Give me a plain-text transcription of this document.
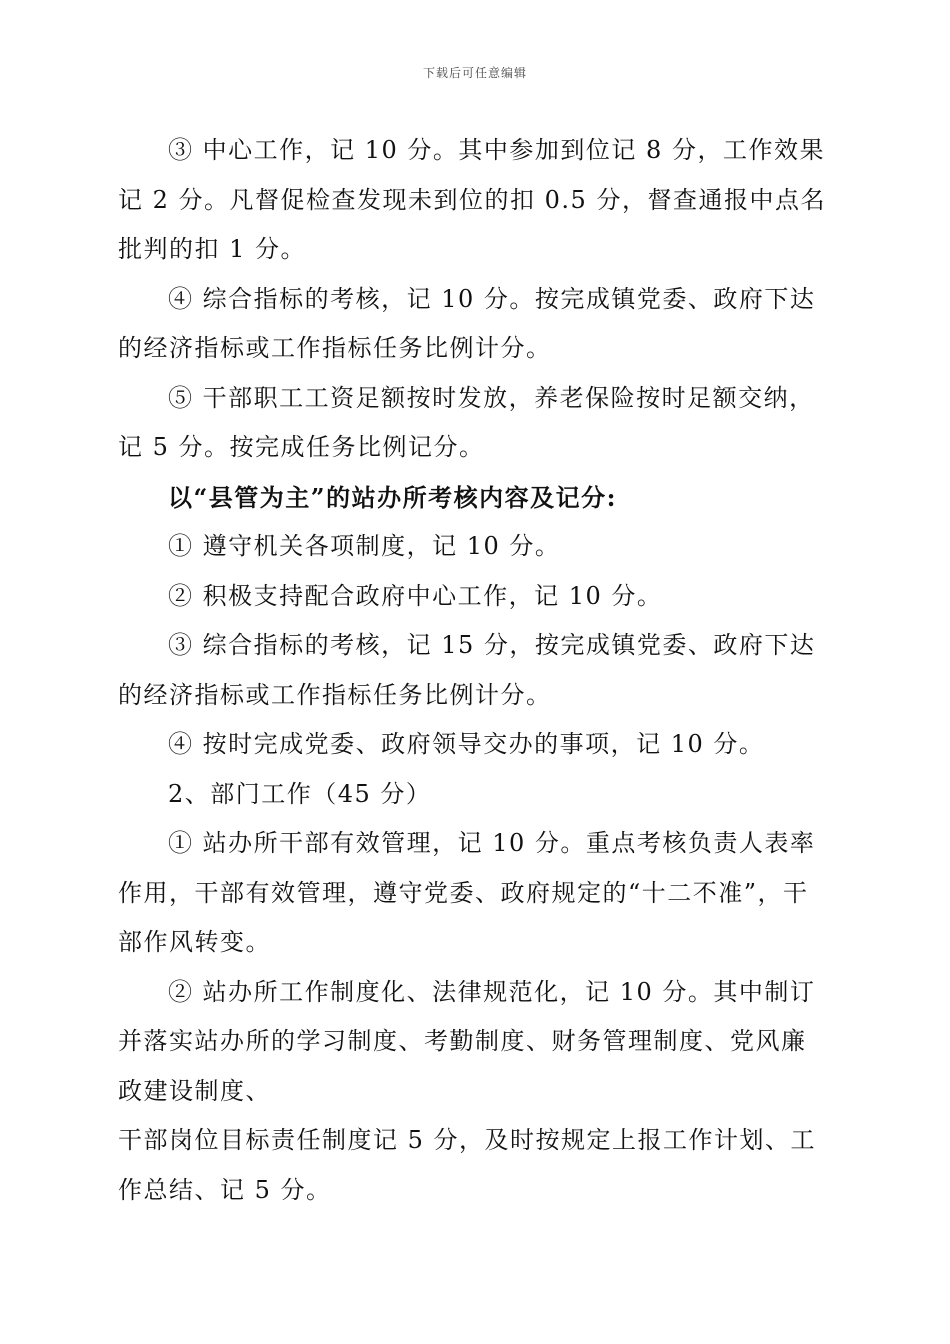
下载后可任意编辑

③ 中心工作，记 10 分。其中参加到位记 8 分，工作效果记 2 分。凡督促检查发现未到位的扣 0.5 分，督查通报中点名批判的扣 1 分。

④ 综合指标的考核，记 10 分。按完成镇党委、政府下达的经济指标或工作指标任务比例计分。

⑤ 干部职工工资足额按时发放，养老保险按时足额交纳，记 5 分。按完成任务比例记分。

以“县管为主”的站办所考核内容及记分:

① 遵守机关各项制度，记 10 分。

② 积极支持配合政府中心工作，记 10 分。

③ 综合指标的考核，记 15 分，按完成镇党委、政府下达的经济指标或工作指标任务比例计分。

④ 按时完成党委、政府领导交办的事项，记 10 分。

2、部门工作（45 分）

① 站办所干部有效管理，记 10 分。重点考核负责人表率作用，干部有效管理，遵守党委、政府规定的“十二不准”，干部作风转变。

② 站办所工作制度化、法律规范化，记 10 分。其中制订并落实站办所的学习制度、考勤制度、财务管理制度、党风廉政建设制度、

干部岗位目标责任制度记 5 分，及时按规定上报工作计划、工作总结、记 5 分。
